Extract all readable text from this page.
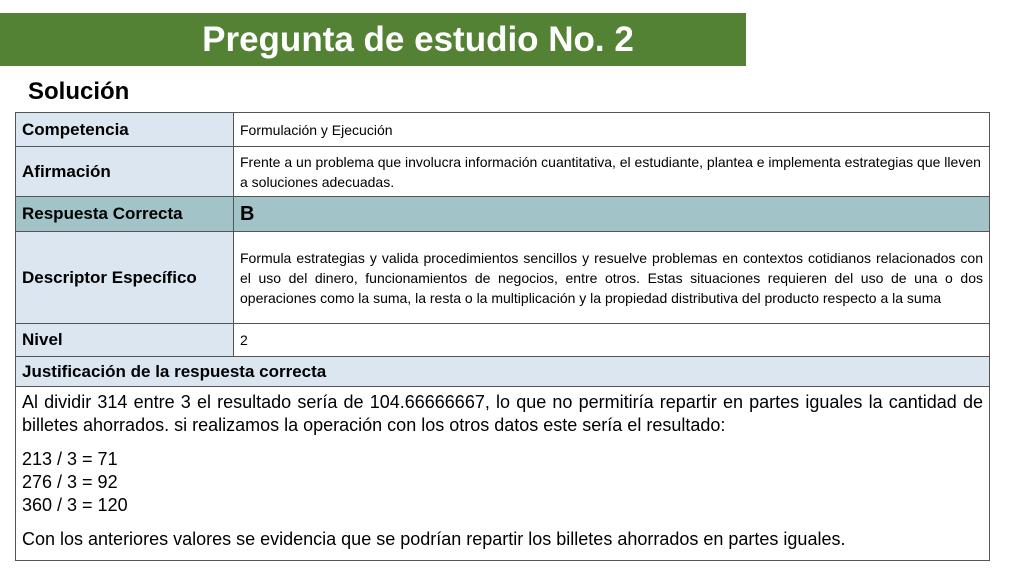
Pregunta de estudio No. 2
Solución
Competencia	Formulación y Ejecución
Afirmación	Frente a un problema que involucra información cuantitativa, el estudiante, plantea e implementa estrategias que lleven a soluciones adecuadas.
Respuesta Correcta	B
Descriptor Específico	Formula estrategias y valida procedimientos sencillos y resuelve problemas en contextos cotidianos relacionados con el uso del dinero, funcionamientos de negocios, entre otros. Estas situaciones requieren del uso de una o dos operaciones como la suma, la resta o la multiplicación y la propiedad distributiva del producto respecto a la suma
Nivel	2
Justificación de la respuesta correcta	

Al dividir 314 entre 3 el resultado sería de 104.66666667, lo que no permitiría repartir en partes iguales la cantidad de billetes ahorrados. si realizamos la operación con los otros datos este sería el resultado:
213 / 3 = 71
276 / 3 = 92
360 / 3 = 120
Con los anteriores valores se evidencia que se podrían repartir los billetes ahorrados en partes iguales.	
